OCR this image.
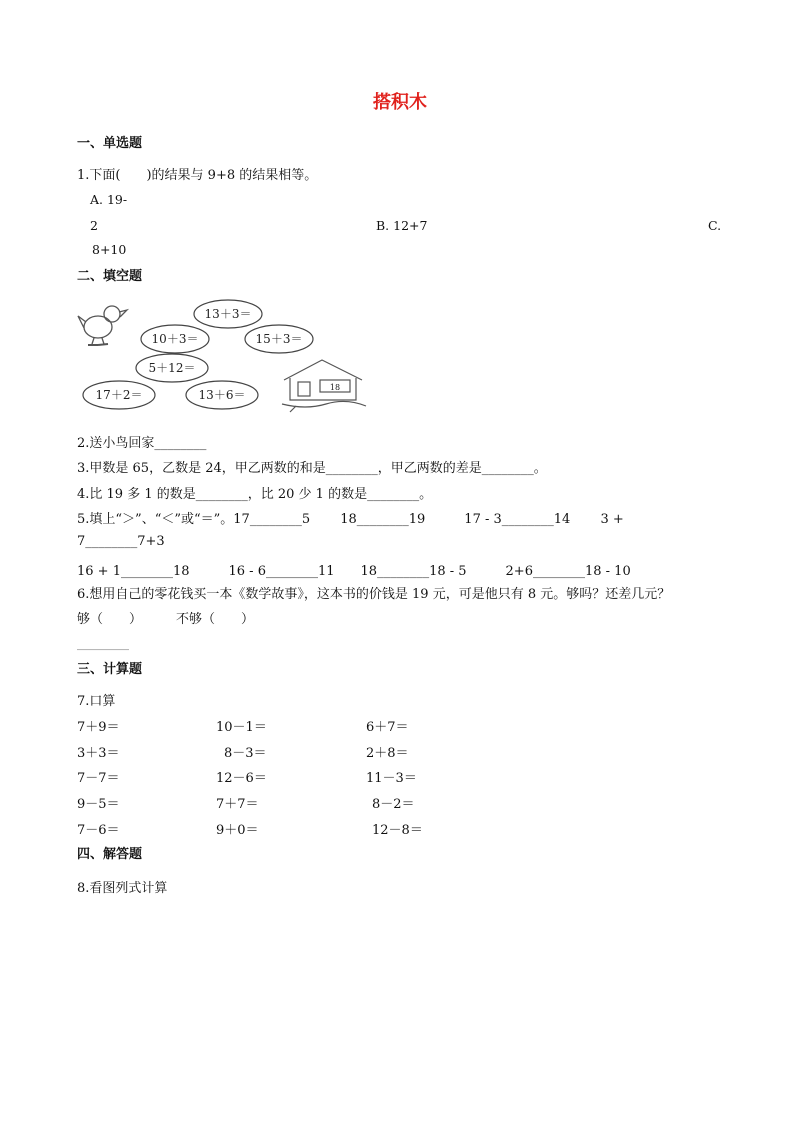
搭积木
一、单选题
1.下面(　　)的结果与 9+8 的结果相等。
A. 19-
2	B. 12+7	C.
8+10
二、填空题
13＋3＝
10＋3＝	15＋3＝
5＋12＝
17＋2＝	13＋6＝
18
2.送小鸟回家________
3.甲数是 65，乙数是 24，甲乙两数的和是________，甲乙两数的差是________。
4.比 19 多 1 的数是________，比 20 少 1 的数是________。
5.填上“＞”、“＜”或“＝”。17________5　　 18________19　　　17 - 3________14　　 3 +
7________7+3
16 + 1________18　　　16 - 6________11　　18________18 - 5　　　2+6________18 - 10
6.想用自己的零花钱买一本《数学故事》，这本书的价钱是 19 元，可是他只有 8 元。够吗？还差几元？
够（　　）	不够（　　）
________
三、计算题
7.口算
7＋9＝	10－1＝	6＋7＝
3＋3＝	8－3＝	2＋8＝
7－7＝	12－6＝	11－3＝
9－5＝	7＋7＝	8－2＝
7－6＝	9＋0＝	12－8＝
四、解答题
8.看图列式计算
